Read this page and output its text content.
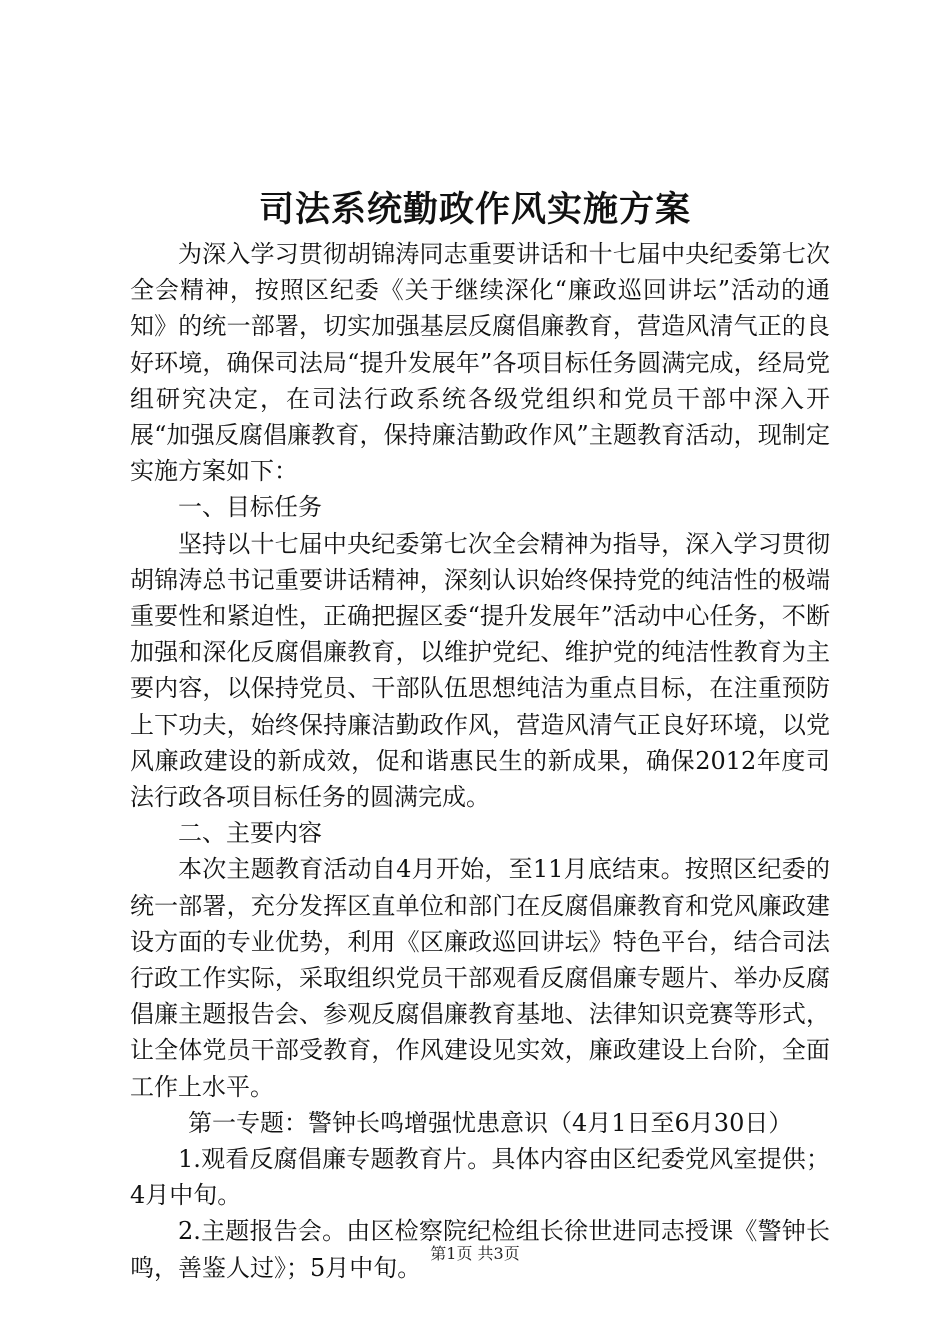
司法系统勤政作风实施方案

为深入学习贯彻胡锦涛同志重要讲话和十七届中央纪委第七次全会精神，按照区纪委《关于继续深化“廉政巡回讲坛”活动的通知》的统一部署，切实加强基层反腐倡廉教育，营造风清气正的良好环境，确保司法局“提升发展年”各项目标任务圆满完成，经局党组研究决定，在司法行政系统各级党组织和党员干部中深入开展“加强反腐倡廉教育，保持廉洁勤政作风”主题教育活动，现制定实施方案如下：

一、目标任务

坚持以十七届中央纪委第七次全会精神为指导，深入学习贯彻胡锦涛总书记重要讲话精神，深刻认识始终保持党的纯洁性的极端重要性和紧迫性，正确把握区委“提升发展年”活动中心任务，不断加强和深化反腐倡廉教育，以维护党纪、维护党的纯洁性教育为主要内容，以保持党员、干部队伍思想纯洁为重点目标，在注重预防上下功夫，始终保持廉洁勤政作风，营造风清气正良好环境，以党风廉政建设的新成效，促和谐惠民生的新成果，确保2012年度司法行政各项目标任务的圆满完成。

二、主要内容

本次主题教育活动自4月开始，至11月底结束。按照区纪委的统一部署，充分发挥区直单位和部门在反腐倡廉教育和党风廉政建设方面的专业优势，利用《区廉政巡回讲坛》特色平台，结合司法行政工作实际，采取组织党员干部观看反腐倡廉专题片、举办反腐倡廉主题报告会、参观反腐倡廉教育基地、法律知识竞赛等形式，让全体党员干部受教育，作风建设见实效，廉政建设上台阶，全面工作上水平。

第一专题：警钟长鸣增强忧患意识（4月1日至6月30日）

1.观看反腐倡廉专题教育片。具体内容由区纪委党风室提供；4月中旬。

2.主题报告会。由区检察院纪检组长徐世进同志授课《警钟长鸣，善鉴人过》；5月中旬。

第1页 共3页
